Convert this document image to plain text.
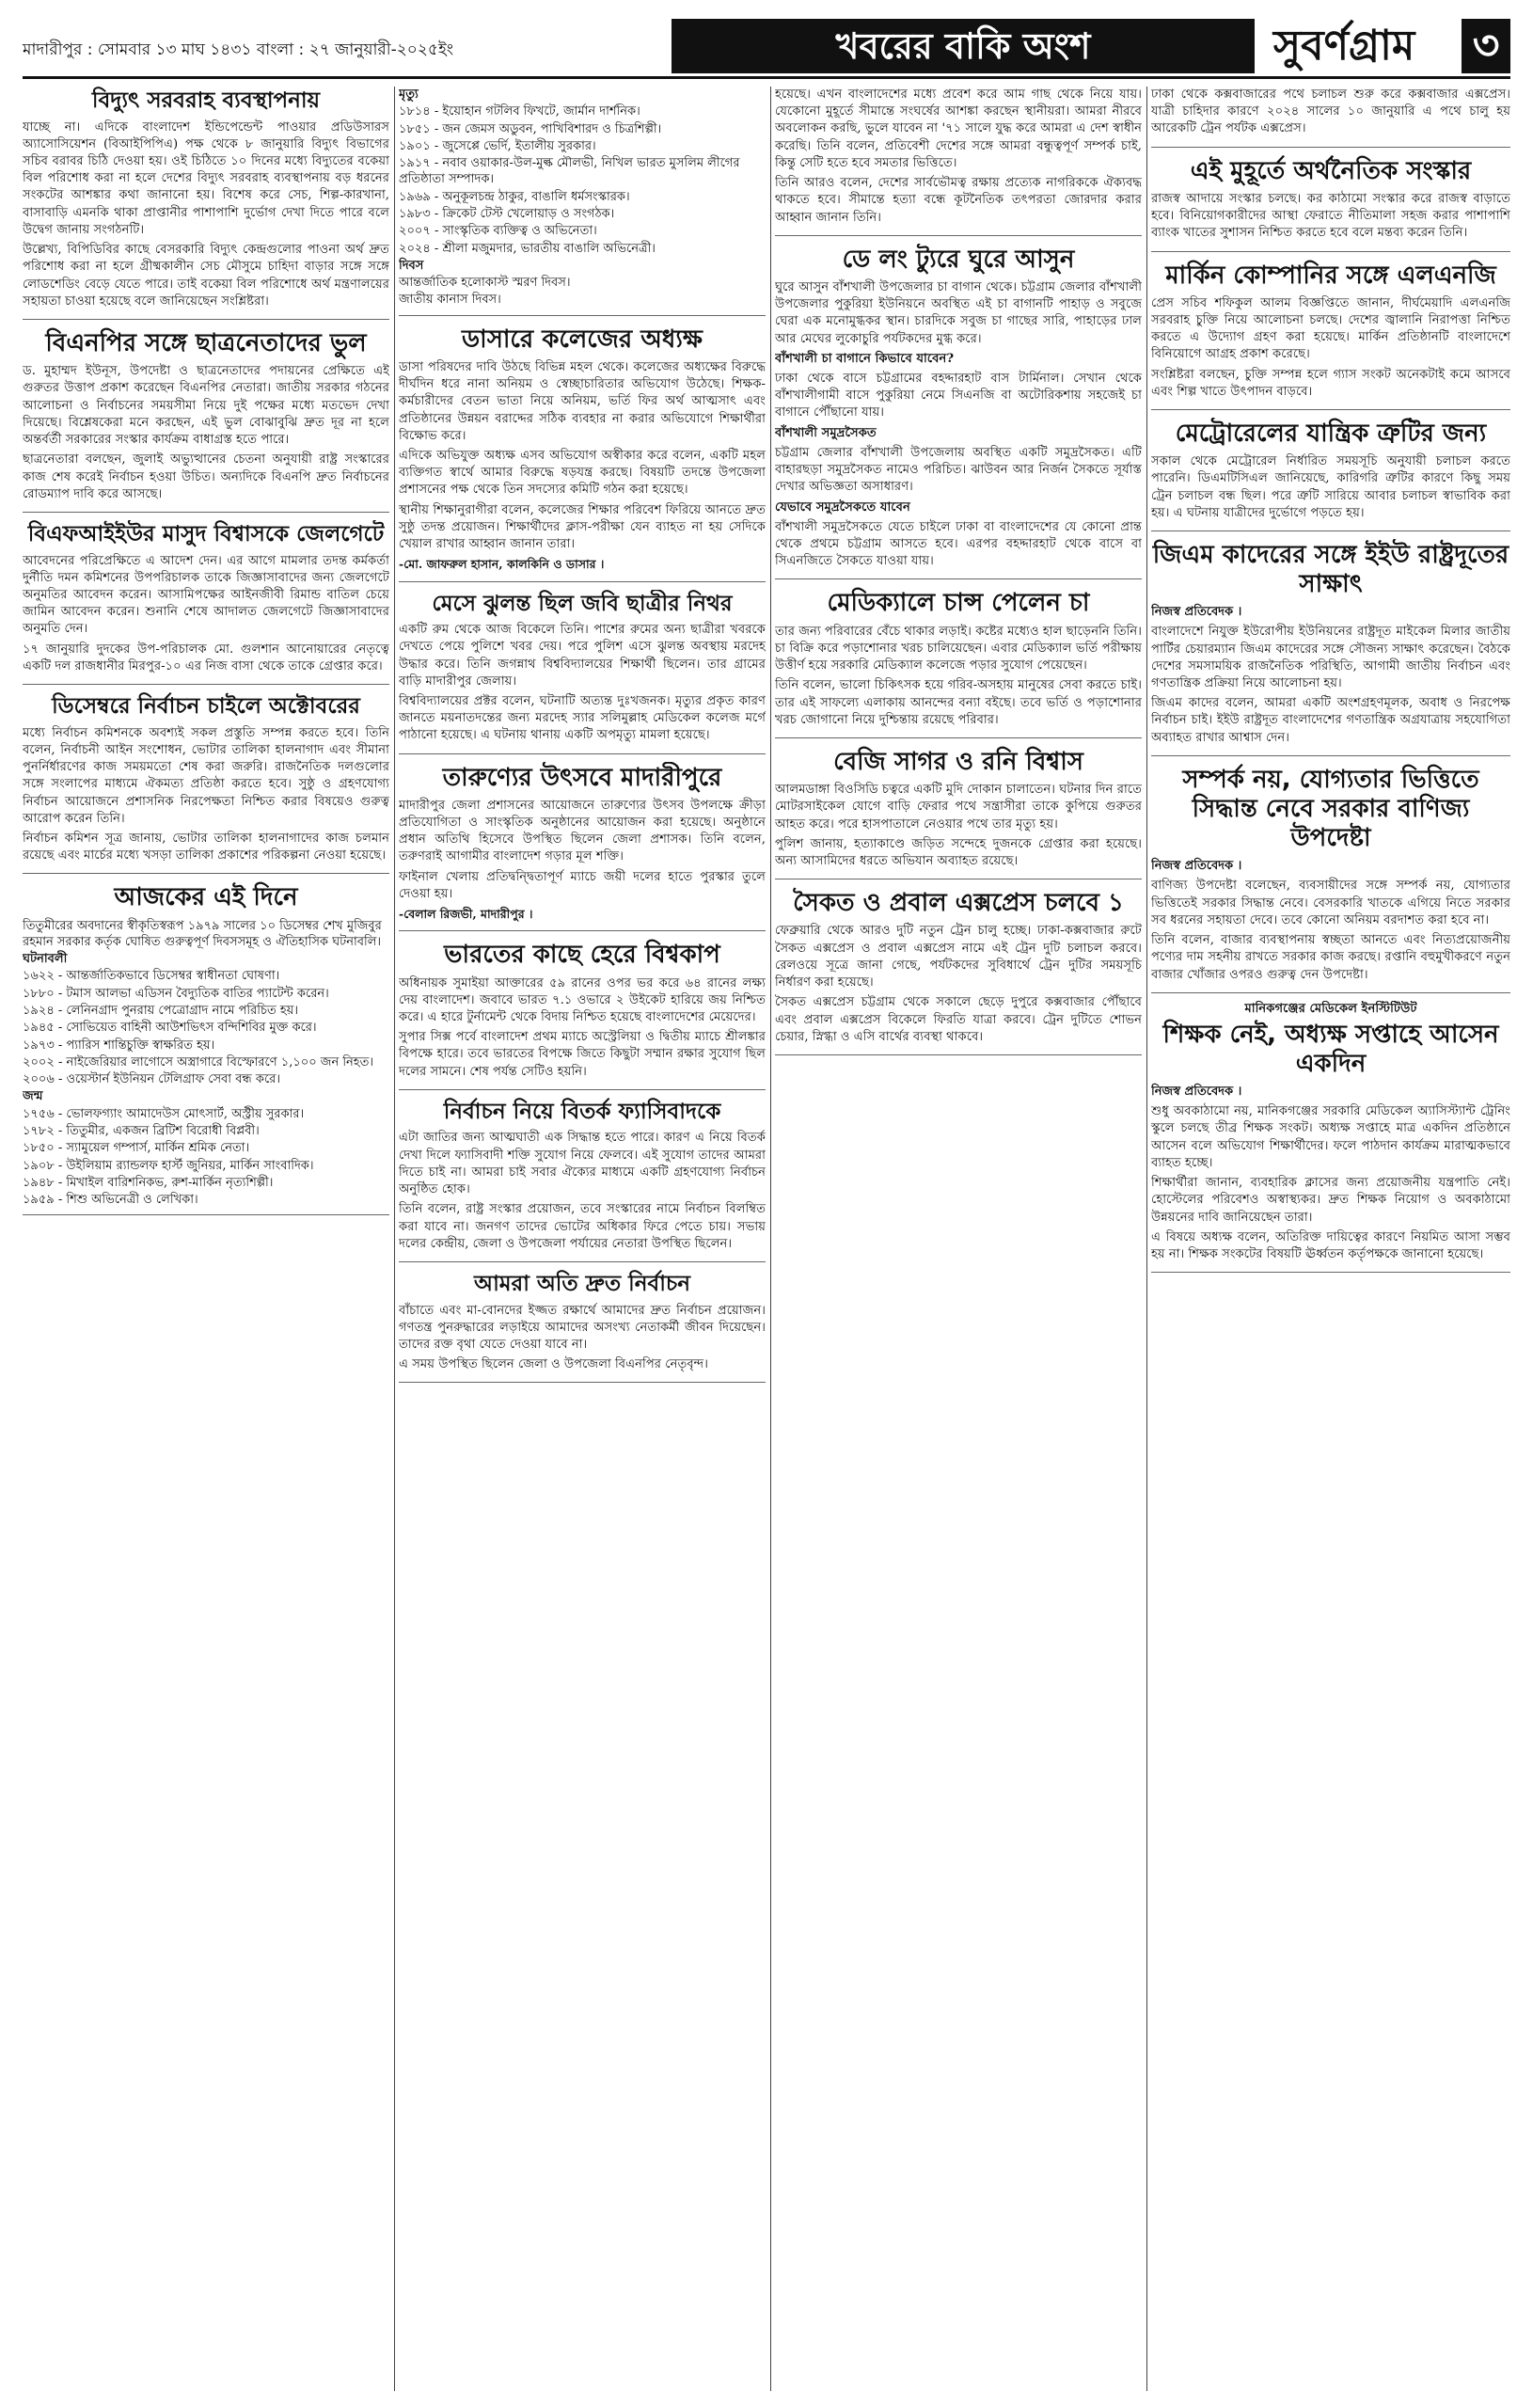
মাদারীপুর : সোমবার ১৩ মাঘ ১৪৩১ বাংলা : ২৭ জানুয়ারী-২০২৫ইং	খবরের বাকি অংশ	সুবর্ণগ্রাম ৩
বিদ্যুৎ সরবরাহ ব্যবস্থাপনায়

যাচ্ছে না। এদিকে বাংলাদেশ ইন্ডিপেন্ডেন্ট পাওয়ার প্রডিউসারস অ্যাসোসিয়েশন (বিআইপিপিএ) পক্ষ থেকে ৮ জানুয়ারি বিদ্যুৎ বিভাগের সচিব বরাবর চিঠি দেওয়া হয়। ওই চিঠিতে ১০ দিনের মধ্যে বিদ্যুতের বকেয়া বিল পরিশোধ করা না হলে দেশের বিদ্যুৎ সরবরাহ ব্যবস্থাপনায় বড় ধরনের সংকটের আশঙ্কার কথা জানানো হয়। বিশেষ করে সেচ, শিল্প-কারখানা, বাসাবাড়ি এমনকি থাকা প্রাপ্তানীর পাশাপাশি দুর্ভোগ দেখা দিতে পারে বলে উদ্বেগ জানায় সংগঠনটি।

উল্লেখ্য, বিপিডিবির কাছে বেসরকারি বিদ্যুৎ কেন্দ্রগুলোর পাওনা অর্থ দ্রুত পরিশোধ করা না হলে গ্রীষ্মকালীন সেচ মৌসুমে চাহিদা বাড়ার সঙ্গে সঙ্গে লোডশেডিং বেড়ে যেতে পারে। তাই বকেয়া বিল পরিশোধে অর্থ মন্ত্রণালয়ের সহায়তা চাওয়া হয়েছে বলে জানিয়েছেন সংশ্লিষ্টরা।

বিএনপির সঙ্গে ছাত্রনেতাদের ভুল

ড. মুহাম্মদ ইউনূস, উপদেষ্টা ও ছাত্রনেতাদের পদায়নের প্রেক্ষিতে এই গুরুতর উত্তাপ প্রকাশ করেছেন বিএনপির নেতারা। জাতীয় সরকার গঠনের আলোচনা ও নির্বাচনের সময়সীমা নিয়ে দুই পক্ষের মধ্যে মতভেদ দেখা দিয়েছে। বিশ্লেষকেরা মনে করছেন, এই ভুল বোঝাবুঝি দ্রুত দূর না হলে অন্তর্বর্তী সরকারের সংস্কার কার্যক্রম বাধাগ্রস্ত হতে পারে।

ছাত্রনেতারা বলছেন, জুলাই অভ্যুত্থানের চেতনা অনুযায়ী রাষ্ট্র সংস্কারের কাজ শেষ করেই নির্বাচন হওয়া উচিত। অন্যদিকে বিএনপি দ্রুত নির্বাচনের রোডম্যাপ দাবি করে আসছে।

বিএফআইইউর মাসুদ বিশ্বাসকে জেলগেটে

আবেদনের পরিপ্রেক্ষিতে এ আদেশ দেন। এর আগে মামলার তদন্ত কর্মকর্তা দুর্নীতি দমন কমিশনের উপপরিচালক তাকে জিজ্ঞাসাবাদের জন্য জেলগেটে অনুমতির আবেদন করেন। আসামিপক্ষের আইনজীবী রিমান্ড বাতিল চেয়ে জামিন আবেদন করেন। শুনানি শেষে আদালত জেলগেটে জিজ্ঞাসাবাদের অনুমতি দেন।

১৭ জানুয়ারি দুদকের উপ-পরিচালক মো. গুলশান আনোয়ারের নেতৃত্বে একটি দল রাজধানীর মিরপুর-১০ এর নিজ বাসা থেকে তাকে গ্রেপ্তার করে।

ডিসেম্বরে নির্বাচন চাইলে অক্টোবরের

মধ্যে নির্বাচন কমিশনকে অবশ্যই সকল প্রস্তুতি সম্পন্ন করতে হবে। তিনি বলেন, নির্বাচনী আইন সংশোধন, ভোটার তালিকা হালনাগাদ এবং সীমানা পুনর্নির্ধারণের কাজ সময়মতো শেষ করা জরুরি। রাজনৈতিক দলগুলোর সঙ্গে সংলাপের মাধ্যমে ঐকমত্য প্রতিষ্ঠা করতে হবে। সুষ্ঠু ও গ্রহণযোগ্য নির্বাচন আয়োজনে প্রশাসনিক নিরপেক্ষতা নিশ্চিত করার বিষয়েও গুরুত্ব আরোপ করেন তিনি।

নির্বাচন কমিশন সূত্র জানায়, ভোটার তালিকা হালনাগাদের কাজ চলমান রয়েছে এবং মার্চের মধ্যে খসড়া তালিকা প্রকাশের পরিকল্পনা নেওয়া হয়েছে।

আজকের এই দিনে

তিতুমীরের অবদানের স্বীকৃতিস্বরূপ ১৯৭৯ সালের ১০ ডিসেম্বর শেখ মুজিবুর রহমান সরকার কর্তৃক ঘোষিত গুরুত্বপূর্ণ দিবসসমূহ ও ঐতিহাসিক ঘটনাবলি।

ঘটনাবলী

১৬২২ - আন্তর্জাতিকভাবে ডিসেম্বর স্বাধীনতা ঘোষণা।

১৮৮০ - টমাস আলভা এডিসন বৈদ্যুতিক বাতির প্যাটেন্ট করেন।

১৯২৪ - লেনিনগ্রাদ পুনরায় পেত্রোগ্রাদ নামে পরিচিত হয়।

১৯৪৫ - সোভিয়েত বাহিনী আউশভিৎস বন্দিশিবির মুক্ত করে।

১৯৭৩ - প্যারিস শান্তিচুক্তি স্বাক্ষরিত হয়।

২০০২ - নাইজেরিয়ার লাগোসে অস্ত্রাগারে বিস্ফোরণে ১,১০০ জন নিহত।

২০০৬ - ওয়েস্টার্ন ইউনিয়ন টেলিগ্রাফ সেবা বন্ধ করে।

জন্ম

১৭৫৬ - ভোলফগ্যাং আমাদেউস মোৎসার্ট, অস্ট্রীয় সুরকার।

১৭৮২ - তিতুমীর, একজন ব্রিটিশ বিরোধী বিপ্লবী।

১৮৫০ - স্যামুয়েল গম্পার্স, মার্কিন শ্রমিক নেতা।

১৯০৮ - উইলিয়াম র‍্যান্ডলফ হার্স্ট জুনিয়র, মার্কিন সাংবাদিক।

১৯৪৮ - মিখাইল বারিশনিকভ, রুশ-মার্কিন নৃত্যশিল্পী।

১৯৫৯ - শিশু অভিনেত্রী ও লেখিকা।

মৃত্যু

১৮১৪ - ইয়োহান গটলিব ফিখটে, জার্মান দার্শনিক।

১৮৫১ - জন জেমস অডুবন, পাখিবিশারদ ও চিত্রশিল্পী।

১৯০১ - জুসেপ্পে ভের্দি, ইতালীয় সুরকার।

১৯১৭ - নবাব ওয়াকার-উল-মুল্ক মৌলভী, নিখিল ভারত মুসলিম লীগের প্রতিষ্ঠাতা সম্পাদক।

১৯৬৯ - অনুকূলচন্দ্র ঠাকুর, বাঙালি ধর্মসংস্কারক।

১৯৮৩ - ক্রিকেট টেস্ট খেলোয়াড় ও সংগঠক।

২০০৭ - সাংস্কৃতিক ব্যক্তিত্ব ও অভিনেতা।

২০২৪ - শ্রীলা মজুমদার, ভারতীয় বাঙালি অভিনেত্রী।

দিবস

আন্তর্জাতিক হলোকাস্ট স্মরণ দিবস।

জাতীয় কানাস দিবস।

ডাসারে কলেজের অধ্যক্ষ

ডাসা পরিষদের দাবি উঠছে বিভিন্ন মহল থেকে। কলেজের অধ্যক্ষের বিরুদ্ধে দীর্ঘদিন ধরে নানা অনিয়ম ও স্বেচ্ছাচারিতার অভিযোগ উঠেছে। শিক্ষক-কর্মচারীদের বেতন ভাতা নিয়ে অনিয়ম, ভর্তি ফির অর্থ আত্মসাৎ এবং প্রতিষ্ঠানের উন্নয়ন বরাদ্দের সঠিক ব্যবহার না করার অভিযোগে শিক্ষার্থীরা বিক্ষোভ করে।

এদিকে অভিযুক্ত অধ্যক্ষ এসব অভিযোগ অস্বীকার করে বলেন, একটি মহল ব্যক্তিগত স্বার্থে আমার বিরুদ্ধে ষড়যন্ত্র করছে। বিষয়টি তদন্তে উপজেলা প্রশাসনের পক্ষ থেকে তিন সদস্যের কমিটি গঠন করা হয়েছে।

স্থানীয় শিক্ষানুরাগীরা বলেন, কলেজের শিক্ষার পরিবেশ ফিরিয়ে আনতে দ্রুত সুষ্ঠু তদন্ত প্রয়োজন। শিক্ষার্থীদের ক্লাস-পরীক্ষা যেন ব্যাহত না হয় সেদিকে খেয়াল রাখার আহ্বান জানান তারা।

-মো. জাফরুল হাসান, কালকিনি ও ডাসার ।

মেসে ঝুলন্ত ছিল জবি ছাত্রীর নিথর

একটি রুম থেকে আজ বিকেলে তিনি। পাশের রুমের অন্য ছাত্রীরা খবরকে দেখতে পেয়ে পুলিশে খবর দেয়। পরে পুলিশ এসে ঝুলন্ত অবস্থায় মরদেহ উদ্ধার করে। তিনি জগন্নাথ বিশ্ববিদ্যালয়ের শিক্ষার্থী ছিলেন। তার গ্রামের বাড়ি মাদারীপুর জেলায়।

বিশ্ববিদ্যালয়ের প্রক্টর বলেন, ঘটনাটি অত্যন্ত দুঃখজনক। মৃত্যুর প্রকৃত কারণ জানতে ময়নাতদন্তের জন্য মরদেহ স্যার সলিমুল্লাহ মেডিকেল কলেজ মর্গে পাঠানো হয়েছে। এ ঘটনায় থানায় একটি অপমৃত্যু মামলা হয়েছে।

তারুণ্যের উৎসবে মাদারীপুরে

মাদারীপুর জেলা প্রশাসনের আয়োজনে তারুণ্যের উৎসব উপলক্ষে ক্রীড়া প্রতিযোগিতা ও সাংস্কৃতিক অনুষ্ঠানের আয়োজন করা হয়েছে। অনুষ্ঠানে প্রধান অতিথি হিসেবে উপস্থিত ছিলেন জেলা প্রশাসক। তিনি বলেন, তরুণরাই আগামীর বাংলাদেশ গড়ার মূল শক্তি।

ফাইনাল খেলায় প্রতিদ্বন্দ্বিতাপূর্ণ ম্যাচে জয়ী দলের হাতে পুরস্কার তুলে দেওয়া হয়।

-বেলাল রিজভী, মাদারীপুর ।

ভারতের কাছে হেরে বিশ্বকাপ

অধিনায়ক সুমাইয়া আক্তারের ৫৯ রানের ওপর ভর করে ৬৪ রানের লক্ষ্য দেয় বাংলাদেশ। জবাবে ভারত ৭.১ ওভারে ২ উইকেট হারিয়ে জয় নিশ্চিত করে। এ হারে টুর্নামেন্ট থেকে বিদায় নিশ্চিত হয়েছে বাংলাদেশের মেয়েদের।

সুপার সিক্স পর্বে বাংলাদেশ প্রথম ম্যাচে অস্ট্রেলিয়া ও দ্বিতীয় ম্যাচে শ্রীলঙ্কার বিপক্ষে হারে। তবে ভারতের বিপক্ষে জিতে কিছুটা সম্মান রক্ষার সুযোগ ছিল দলের সামনে। শেষ পর্যন্ত সেটিও হয়নি।

নির্বাচন নিয়ে বিতর্ক ফ্যাসিবাদকে

এটা জাতির জন্য আত্মঘাতী এক সিদ্ধান্ত হতে পারে। কারণ এ নিয়ে বিতর্ক দেখা দিলে ফ্যাসিবাদী শক্তি সুযোগ নিয়ে ফেলবে। এই সুযোগ তাদের আমরা দিতে চাই না। আমরা চাই সবার ঐক্যের মাধ্যমে একটি গ্রহণযোগ্য নির্বাচন অনুষ্ঠিত হোক।

তিনি বলেন, রাষ্ট্র সংস্কার প্রয়োজন, তবে সংস্কারের নামে নির্বাচন বিলম্বিত করা যাবে না। জনগণ তাদের ভোটের অধিকার ফিরে পেতে চায়। সভায় দলের কেন্দ্রীয়, জেলা ও উপজেলা পর্যায়ের নেতারা উপস্থিত ছিলেন।

আমরা অতি দ্রুত নির্বাচন

বাঁচাতে এবং মা-বোনদের ইজ্জত রক্ষার্থে আমাদের দ্রুত নির্বাচন প্রয়োজন। গণতন্ত্র পুনরুদ্ধারের লড়াইয়ে আমাদের অসংখ্য নেতাকর্মী জীবন দিয়েছেন। তাদের রক্ত বৃথা যেতে দেওয়া যাবে না।

এ সময় উপস্থিত ছিলেন জেলা ও উপজেলা বিএনপির নেতৃবৃন্দ।

হয়েছে। এখন বাংলাদেশের মধ্যে প্রবেশ করে আম গাছ থেকে নিয়ে যায়। যেকোনো মুহূর্তে সীমান্তে সংঘর্ষের আশঙ্কা করছেন স্থানীয়রা। আমরা নীরবে অবলোকন করছি, ভুলে যাবেন না '৭১ সালে যুদ্ধ করে আমরা এ দেশ স্বাধীন করেছি। তিনি বলেন, প্রতিবেশী দেশের সঙ্গে আমরা বন্ধুত্বপূর্ণ সম্পর্ক চাই, কিন্তু সেটি হতে হবে সমতার ভিত্তিতে।

তিনি আরও বলেন, দেশের সার্বভৌমত্ব রক্ষায় প্রত্যেক নাগরিককে ঐক্যবদ্ধ থাকতে হবে। সীমান্তে হত্যা বন্ধে কূটনৈতিক তৎপরতা জোরদার করার আহ্বান জানান তিনি।

ডে লং ট্যুরে ঘুরে আসুন

ঘুরে আসুন বাঁশখালী উপজেলার চা বাগান থেকে। চট্টগ্রাম জেলার বাঁশখালী উপজেলার পুকুরিয়া ইউনিয়নে অবস্থিত এই চা বাগানটি পাহাড় ও সবুজে ঘেরা এক মনোমুগ্ধকর স্থান। চারদিকে সবুজ চা গাছের সারি, পাহাড়ের ঢাল আর মেঘের লুকোচুরি পর্যটকদের মুগ্ধ করে।

বাঁশখালী চা বাগানে কিভাবে যাবেন?

ঢাকা থেকে বাসে চট্টগ্রামের বহদ্দারহাট বাস টার্মিনাল। সেখান থেকে বাঁশখালীগামী বাসে পুকুরিয়া নেমে সিএনজি বা অটোরিকশায় সহজেই চা বাগানে পৌঁছানো যায়।

বাঁশখালী সমুদ্রসৈকত

চট্টগ্রাম জেলার বাঁশখালী উপজেলায় অবস্থিত একটি সমুদ্রসৈকত। এটি বাহারছড়া সমুদ্রসৈকত নামেও পরিচিত। ঝাউবন আর নির্জন সৈকতে সূর্যাস্ত দেখার অভিজ্ঞতা অসাধারণ।

যেভাবে সমুদ্রসৈকতে যাবেন

বাঁশখালী সমুদ্রসৈকতে যেতে চাইলে ঢাকা বা বাংলাদেশের যে কোনো প্রান্ত থেকে প্রথমে চট্টগ্রাম আসতে হবে। এরপর বহদ্দারহাট থেকে বাসে বা সিএনজিতে সৈকতে যাওয়া যায়।

মেডিক্যালে চান্স পেলেন চা

তার জন্য পরিবারের বেঁচে থাকার লড়াই। কষ্টের মধ্যেও হাল ছাড়েননি তিনি। চা বিক্রি করে পড়াশোনার খরচ চালিয়েছেন। এবার মেডিক্যাল ভর্তি পরীক্ষায় উত্তীর্ণ হয়ে সরকারি মেডিক্যাল কলেজে পড়ার সুযোগ পেয়েছেন।

তিনি বলেন, ভালো চিকিৎসক হয়ে গরিব-অসহায় মানুষের সেবা করতে চাই। তার এই সাফল্যে এলাকায় আনন্দের বন্যা বইছে। তবে ভর্তি ও পড়াশোনার খরচ জোগানো নিয়ে দুশ্চিন্তায় রয়েছে পরিবার।

বেজি সাগর ও রনি বিশ্বাস

আলমডাঙ্গা বিওসিডি চত্বরে একটি মুদি দোকান চালাতেন। ঘটনার দিন রাতে মোটরসাইকেল যোগে বাড়ি ফেরার পথে সন্ত্রাসীরা তাকে কুপিয়ে গুরুতর আহত করে। পরে হাসপাতালে নেওয়ার পথে তার মৃত্যু হয়।

পুলিশ জানায়, হত্যাকাণ্ডে জড়িত সন্দেহে দুজনকে গ্রেপ্তার করা হয়েছে। অন্য আসামিদের ধরতে অভিযান অব্যাহত রয়েছে।

সৈকত ও প্রবাল এক্সপ্রেস চলবে ১

ফেব্রুয়ারি থেকে আরও দুটি নতুন ট্রেন চালু হচ্ছে। ঢাকা-কক্সবাজার রুটে সৈকত এক্সপ্রেস ও প্রবাল এক্সপ্রেস নামে এই ট্রেন দুটি চলাচল করবে। রেলওয়ে সূত্রে জানা গেছে, পর্যটকদের সুবিধার্থে ট্রেন দুটির সময়সূচি নির্ধারণ করা হয়েছে।

সৈকত এক্সপ্রেস চট্টগ্রাম থেকে সকালে ছেড়ে দুপুরে কক্সবাজার পৌঁছাবে এবং প্রবাল এক্সপ্রেস বিকেলে ফিরতি যাত্রা করবে। ট্রেন দুটিতে শোভন চেয়ার, স্নিগ্ধা ও এসি বার্থের ব্যবস্থা থাকবে।

ঢাকা থেকে কক্সবাজারের পথে চলাচল শুরু করে কক্সবাজার এক্সপ্রেস। যাত্রী চাহিদার কারণে ২০২৪ সালের ১০ জানুয়ারি এ পথে চালু হয় আরেকটি ট্রেন পর্যটক এক্সপ্রেস।

এই মুহূর্তে অর্থনৈতিক সংস্কার

রাজস্ব আদায়ে সংস্কার চলছে। কর কাঠামো সংস্কার করে রাজস্ব বাড়াতে হবে। বিনিয়োগকারীদের আস্থা ফেরাতে নীতিমালা সহজ করার পাশাপাশি ব্যাংক খাতের সুশাসন নিশ্চিত করতে হবে বলে মন্তব্য করেন তিনি।

মার্কিন কোম্পানির সঙ্গে এলএনজি

প্রেস সচিব শফিকুল আলম বিজ্ঞপ্তিতে জানান, দীর্ঘমেয়াদি এলএনজি সরবরাহ চুক্তি নিয়ে আলোচনা চলছে। দেশের জ্বালানি নিরাপত্তা নিশ্চিত করতে এ উদ্যোগ গ্রহণ করা হয়েছে। মার্কিন প্রতিষ্ঠানটি বাংলাদেশে বিনিয়োগে আগ্রহ প্রকাশ করেছে।

সংশ্লিষ্টরা বলছেন, চুক্তি সম্পন্ন হলে গ্যাস সংকট অনেকটাই কমে আসবে এবং শিল্প খাতে উৎপাদন বাড়বে।

মেট্রোরেলের যান্ত্রিক ত্রুটির জন্য

সকাল থেকে মেট্রোরেল নির্ধারিত সময়সূচি অনুযায়ী চলাচল করতে পারেনি। ডিএমটিসিএল জানিয়েছে, কারিগরি ত্রুটির কারণে কিছু সময় ট্রেন চলাচল বন্ধ ছিল। পরে ত্রুটি সারিয়ে আবার চলাচল স্বাভাবিক করা হয়। এ ঘটনায় যাত্রীদের দুর্ভোগে পড়তে হয়।

জিএম কাদেরের সঙ্গে ইইউ রাষ্ট্রদূতের সাক্ষাৎ

নিজস্ব প্রতিবেদক ।

বাংলাদেশে নিযুক্ত ইউরোপীয় ইউনিয়নের রাষ্ট্রদূত মাইকেল মিলার জাতীয় পার্টির চেয়ারম্যান জিএম কাদেরের সঙ্গে সৌজন্য সাক্ষাৎ করেছেন। বৈঠকে দেশের সমসাময়িক রাজনৈতিক পরিস্থিতি, আগামী জাতীয় নির্বাচন এবং গণতান্ত্রিক প্রক্রিয়া নিয়ে আলোচনা হয়।

জিএম কাদের বলেন, আমরা একটি অংশগ্রহণমূলক, অবাধ ও নিরপেক্ষ নির্বাচন চাই। ইইউ রাষ্ট্রদূত বাংলাদেশের গণতান্ত্রিক অগ্রযাত্রায় সহযোগিতা অব্যাহত রাখার আশ্বাস দেন।

সম্পর্ক নয়, যোগ্যতার ভিত্তিতে সিদ্ধান্ত নেবে সরকার বাণিজ্য উপদেষ্টা

নিজস্ব প্রতিবেদক ।

বাণিজ্য উপদেষ্টা বলেছেন, ব্যবসায়ীদের সঙ্গে সম্পর্ক নয়, যোগ্যতার ভিত্তিতেই সরকার সিদ্ধান্ত নেবে। বেসরকারি খাতকে এগিয়ে নিতে সরকার সব ধরনের সহায়তা দেবে। তবে কোনো অনিয়ম বরদাশত করা হবে না।

তিনি বলেন, বাজার ব্যবস্থাপনায় স্বচ্ছতা আনতে এবং নিত্যপ্রয়োজনীয় পণ্যের দাম সহনীয় রাখতে সরকার কাজ করছে। রপ্তানি বহুমুখীকরণে নতুন বাজার খোঁজার ওপরও গুরুত্ব দেন উপদেষ্টা।

মানিকগঞ্জের মেডিকেল ইনস্টিটিউট

শিক্ষক নেই, অধ্যক্ষ সপ্তাহে আসেন একদিন

নিজস্ব প্রতিবেদক ।

শুধু অবকাঠামো নয়, মানিকগঞ্জের সরকারি মেডিকেল অ্যাসিস্ট্যান্ট ট্রেনিং স্কুলে চলছে তীব্র শিক্ষক সংকট। অধ্যক্ষ সপ্তাহে মাত্র একদিন প্রতিষ্ঠানে আসেন বলে অভিযোগ শিক্ষার্থীদের। ফলে পাঠদান কার্যক্রম মারাত্মকভাবে ব্যাহত হচ্ছে।

শিক্ষার্থীরা জানান, ব্যবহারিক ক্লাসের জন্য প্রয়োজনীয় যন্ত্রপাতি নেই। হোস্টেলের পরিবেশও অস্বাস্থ্যকর। দ্রুত শিক্ষক নিয়োগ ও অবকাঠামো উন্নয়নের দাবি জানিয়েছেন তারা।

এ বিষয়ে অধ্যক্ষ বলেন, অতিরিক্ত দায়িত্বের কারণে নিয়মিত আসা সম্ভব হয় না। শিক্ষক সংকটের বিষয়টি ঊর্ধ্বতন কর্তৃপক্ষকে জানানো হয়েছে।
